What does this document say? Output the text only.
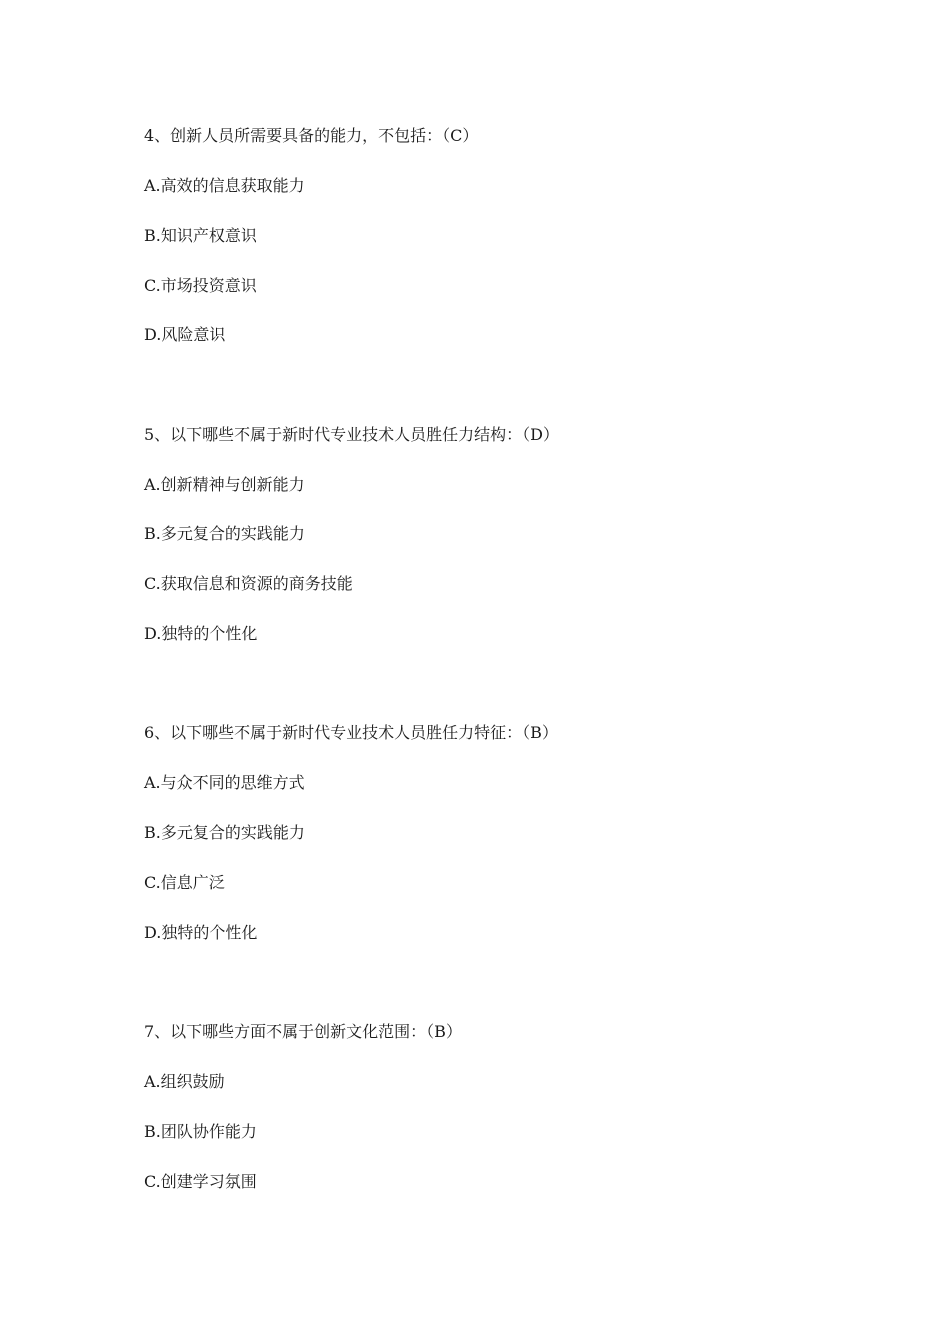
4、创新人员所需要具备的能力，不包括：（C）
A.高效的信息获取能力
B.知识产权意识
C.市场投资意识
D.风险意识
5、以下哪些不属于新时代专业技术人员胜任力结构：（D）
A.创新精神与创新能力
B.多元复合的实践能力
C.获取信息和资源的商务技能
D.独特的个性化
6、以下哪些不属于新时代专业技术人员胜任力特征：（B）
A.与众不同的思维方式
B.多元复合的实践能力
C.信息广泛
D.独特的个性化
7、以下哪些方面不属于创新文化范围：（B）
A.组织鼓励
B.团队协作能力
C.创建学习氛围
